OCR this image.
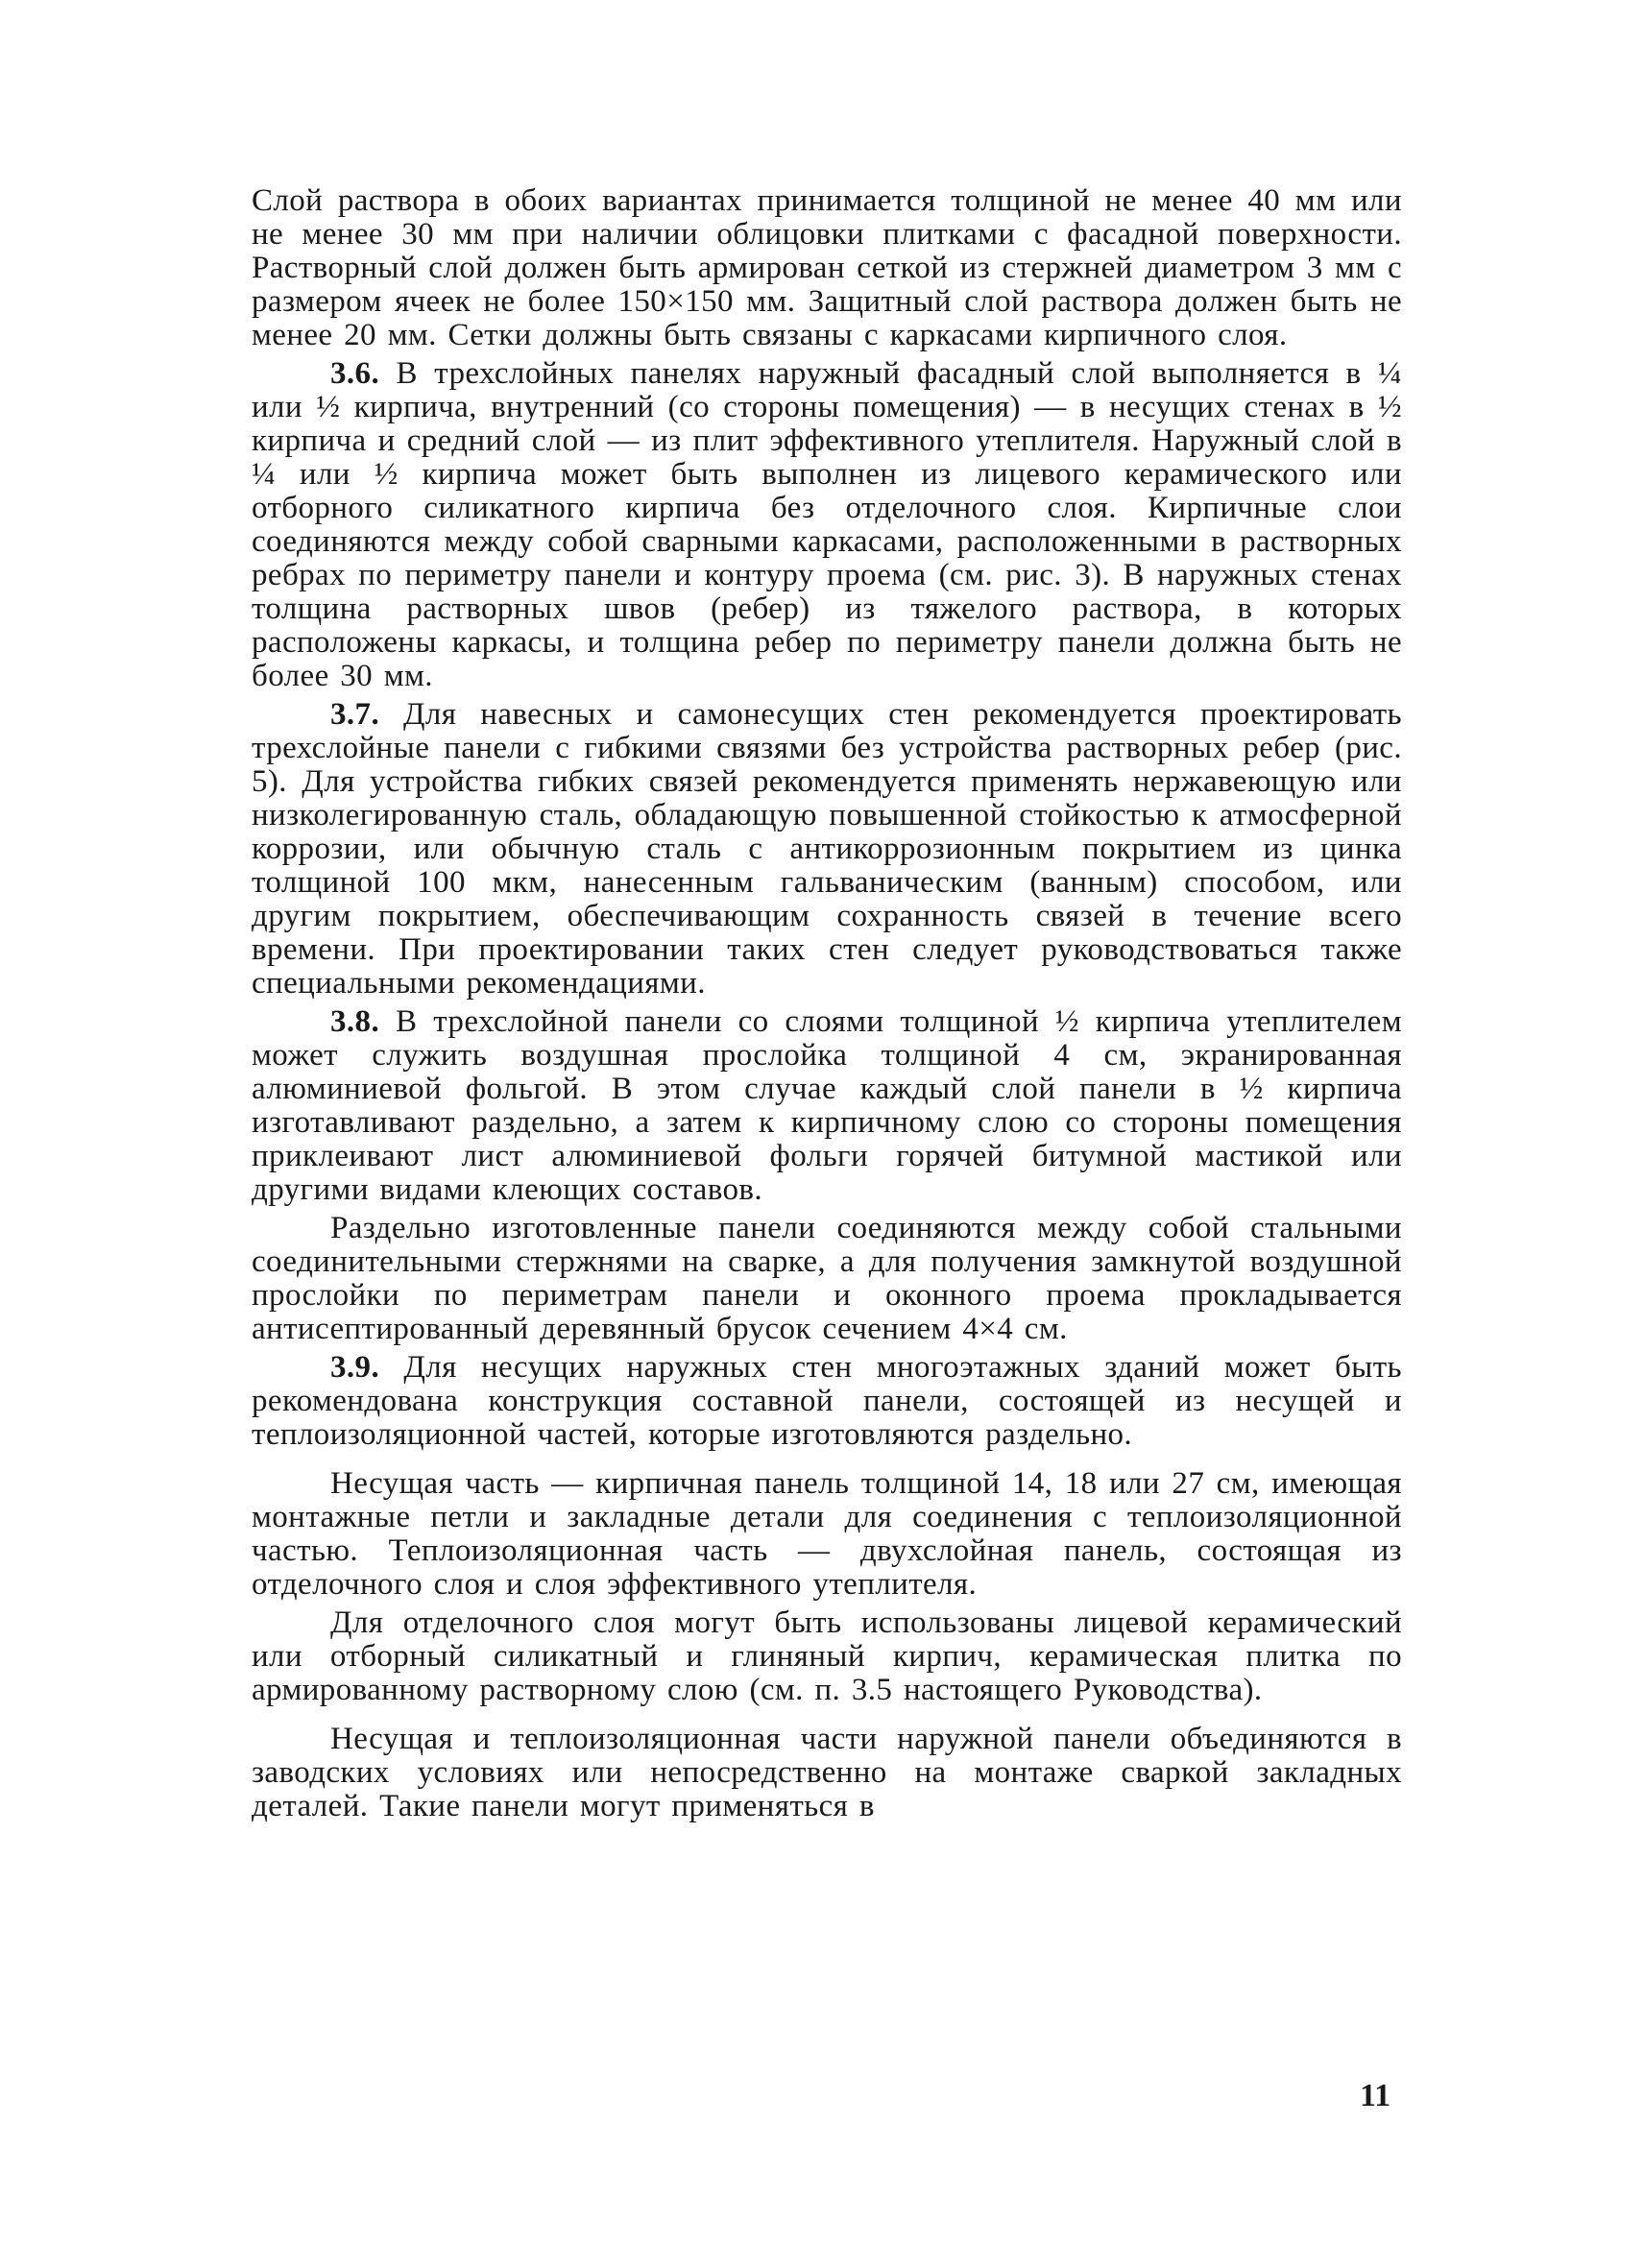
Слой раствора в обоих вариантах принимается толщиной не менее 40 мм или не менее 30 мм при наличии облицовки плитками с фасадной поверхности. Растворный слой должен быть армирован сеткой из стержней диаметром 3 мм с размером ячеек не более 150×150 мм. Защитный слой раствора должен быть не менее 20 мм. Сетки должны быть связаны с каркасами кирпичного слоя.

3.6. В трехслойных панелях наружный фасадный слой выполняется в ¼ или ½ кирпича, внутренний (со стороны помещения) — в несущих стенах в ½ кирпича и средний слой — из плит эффективного утеплителя. Наружный слой в ¼ или ½ кирпича может быть выполнен из лицевого керамического или отборного силикатного кирпича без отделочного слоя. Кирпичные слои соединяются между собой сварными каркасами, расположенными в растворных ребрах по периметру панели и контуру проема (см. рис. 3). В наружных стенах толщина растворных швов (ребер) из тяжелого раствора, в которых расположены каркасы, и толщина ребер по периметру панели должна быть не более 30 мм.

3.7. Для навесных и самонесущих стен рекомендуется проектировать трехслойные панели с гибкими связями без устройства растворных ребер (рис. 5). Для устройства гибких связей рекомендуется применять нержавеющую или низколегированную сталь, обладающую повышенной стойкостью к атмосферной коррозии, или обычную сталь с антикоррозионным покрытием из цинка толщиной 100 мкм, нанесенным гальваническим (ванным) способом, или другим покрытием, обеспечивающим сохранность связей в течение всего времени. При проектировании таких стен следует руководствоваться также специальными рекомендациями.

3.8. В трехслойной панели со слоями толщиной ½ кирпича утеплителем может служить воздушная прослойка толщиной 4 см, экранированная алюминиевой фольгой. В этом случае каждый слой панели в ½ кирпича изготавливают раздельно, а затем к кирпичному слою со стороны помещения приклеивают лист алюминиевой фольги горячей битумной мастикой или другими видами клеющих составов.

Раздельно изготовленные панели соединяются между собой стальными соединительными стержнями на сварке, а для получения замкнутой воздушной прослойки по периметрам панели и оконного проема прокладывается антисептированный деревянный брусок сечением 4×4 см.

3.9. Для несущих наружных стен многоэтажных зданий может быть рекомендована конструкция составной панели, состоящей из несущей и теплоизоляционной частей, которые изготовляются раздельно.

Несущая часть — кирпичная панель толщиной 14, 18 или 27 см, имеющая монтажные петли и закладные детали для соединения с теплоизоляционной частью. Теплоизоляционная часть — двухслойная панель, состоящая из отделочного слоя и слоя эффективного утеплителя.

Для отделочного слоя могут быть использованы лицевой керамический или отборный силикатный и глиняный кирпич, керамическая плитка по армированному растворному слою (см. п. 3.5 настоящего Руководства).

Несущая и теплоизоляционная части наружной панели объединяются в заводских условиях или непосредственно на монтаже сваркой закладных деталей. Такие панели могут применяться в

11
